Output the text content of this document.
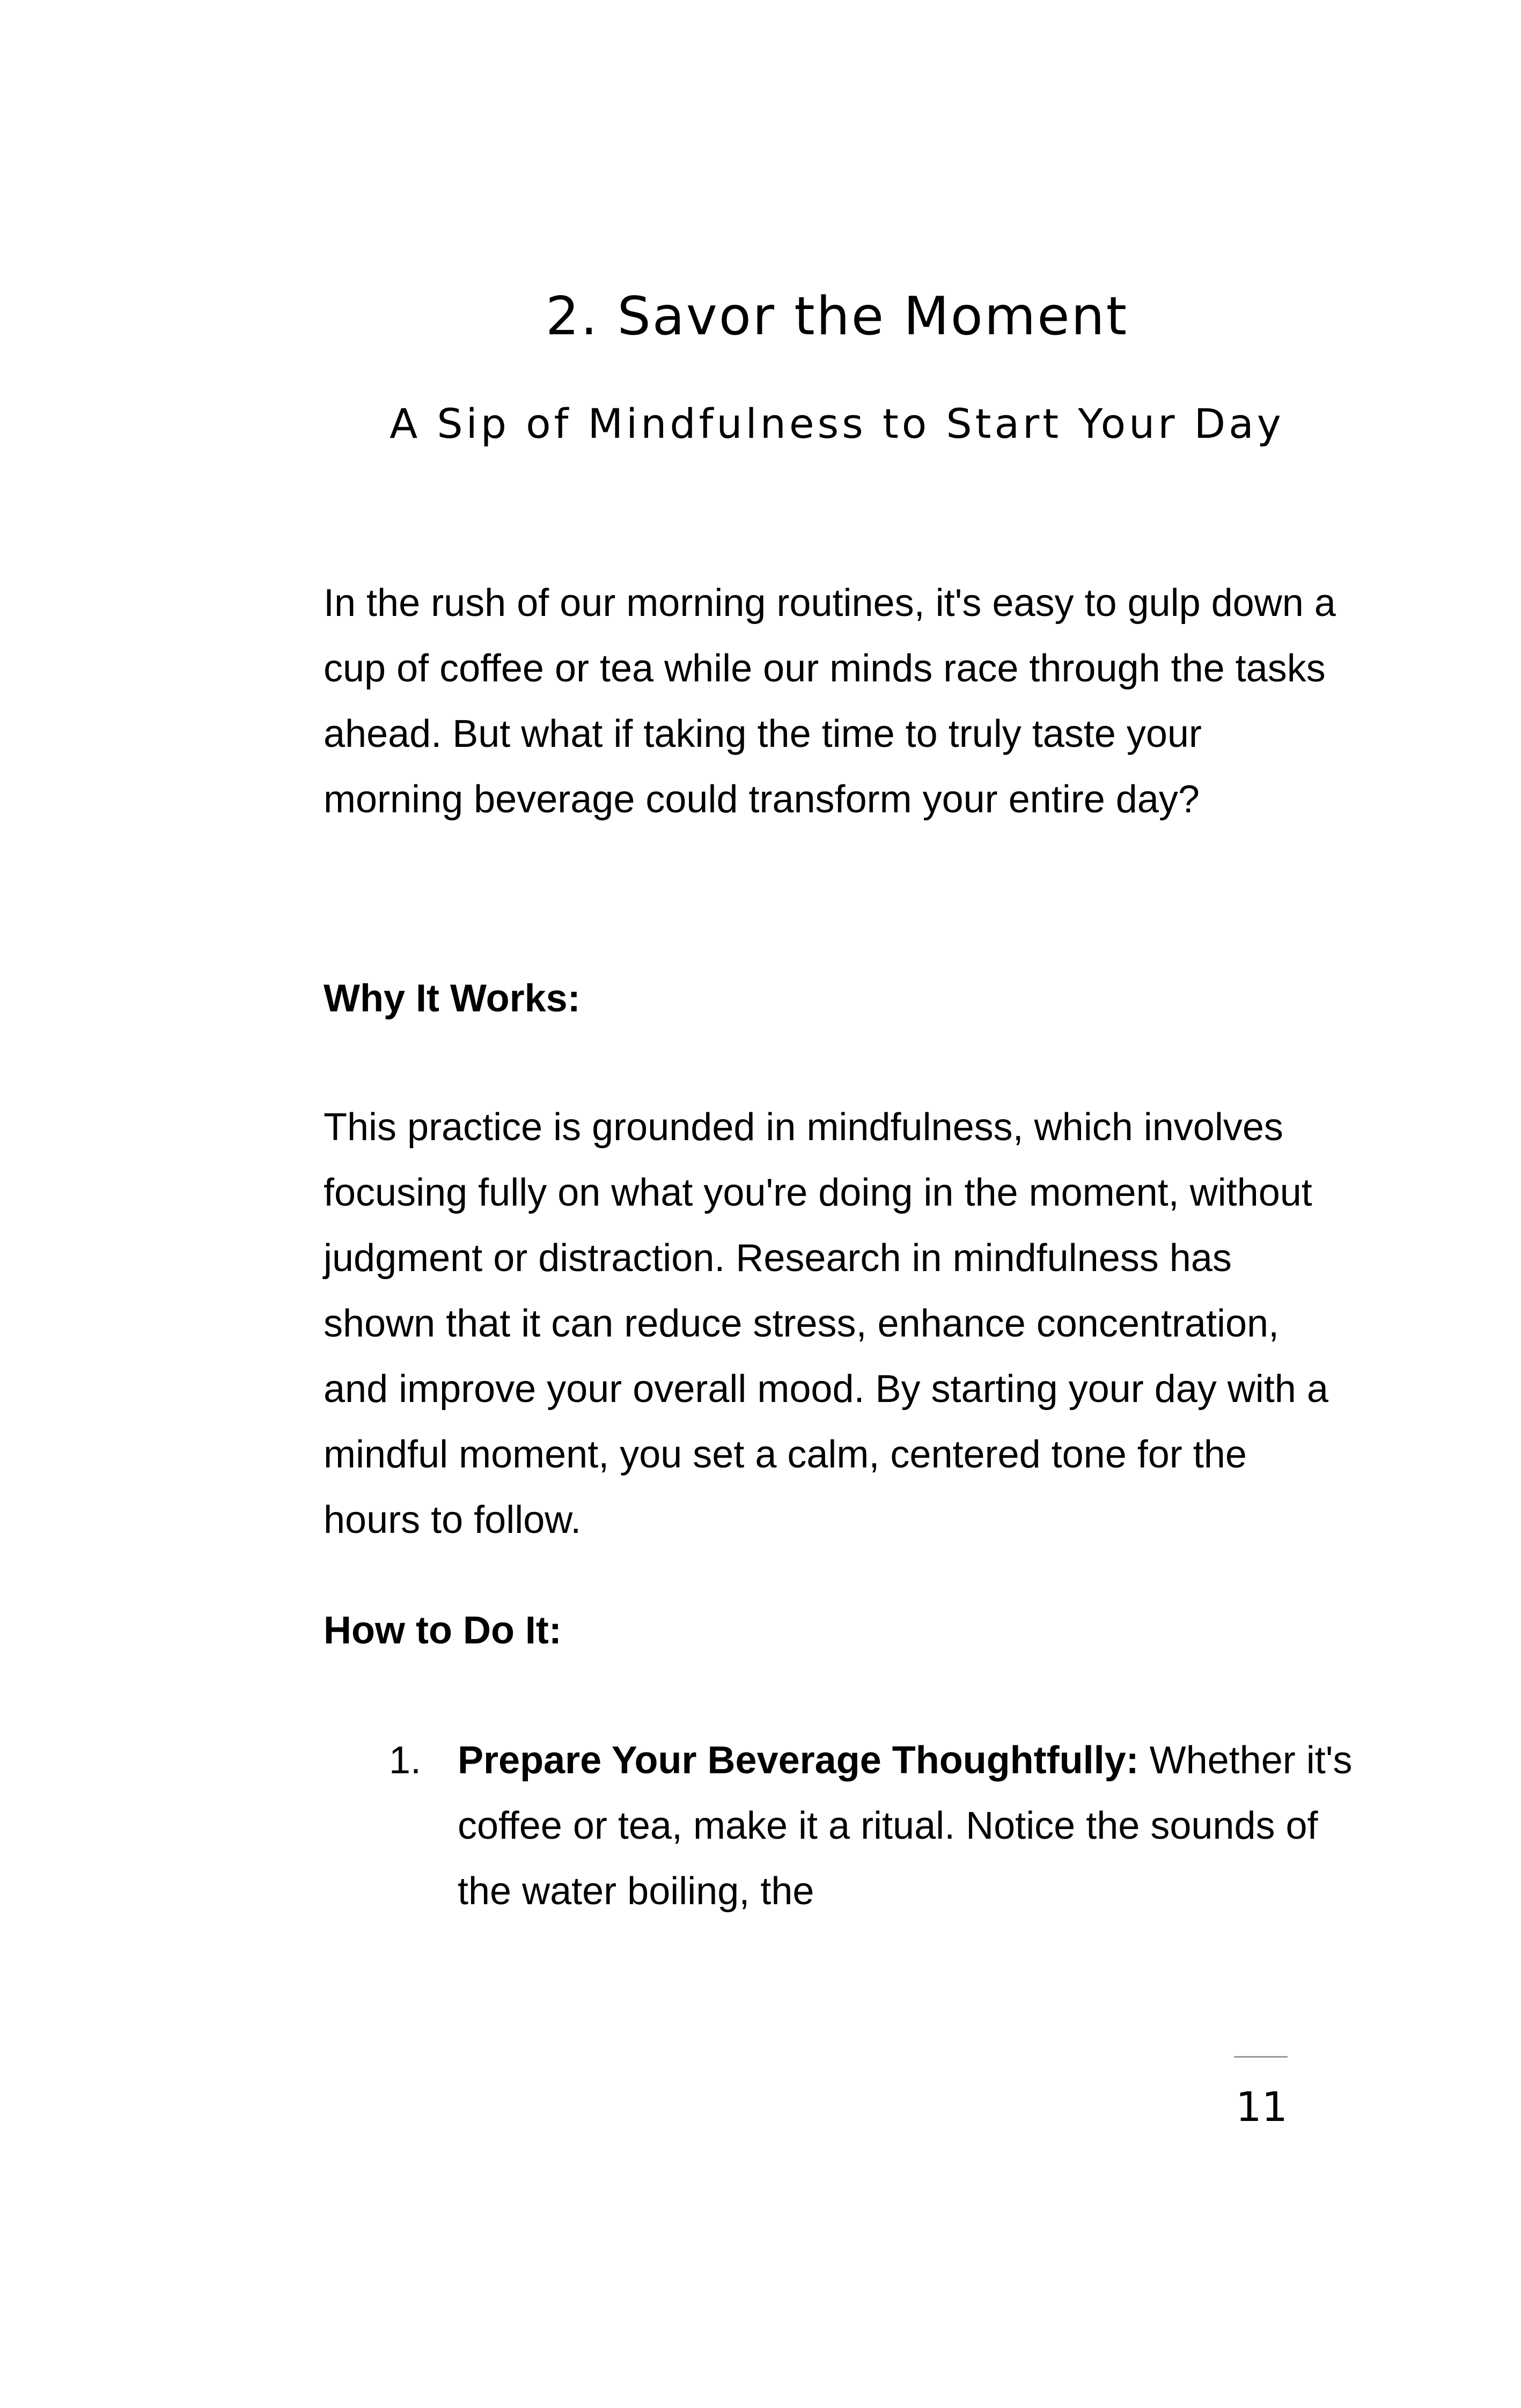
2. Savor the Moment
A Sip of Mindfulness to Start Your Day

In the rush of our morning routines, it's easy to gulp down a cup of coffee or tea while our minds race through the tasks ahead. But what if taking the time to truly taste your morning beverage could transform your entire day?

Why It Works:

This practice is grounded in mindfulness, which involves focusing fully on what you're doing in the moment, without judgment or distraction. Research in mindfulness has shown that it can reduce stress, enhance concentration, and improve your overall mood. By starting your day with a mindful moment, you set a calm, centered tone for the hours to follow.

How to Do It:

1. Prepare Your Beverage Thoughtfully: Whether it's coffee or tea, make it a ritual. Notice the sounds of the water boiling, the

11
